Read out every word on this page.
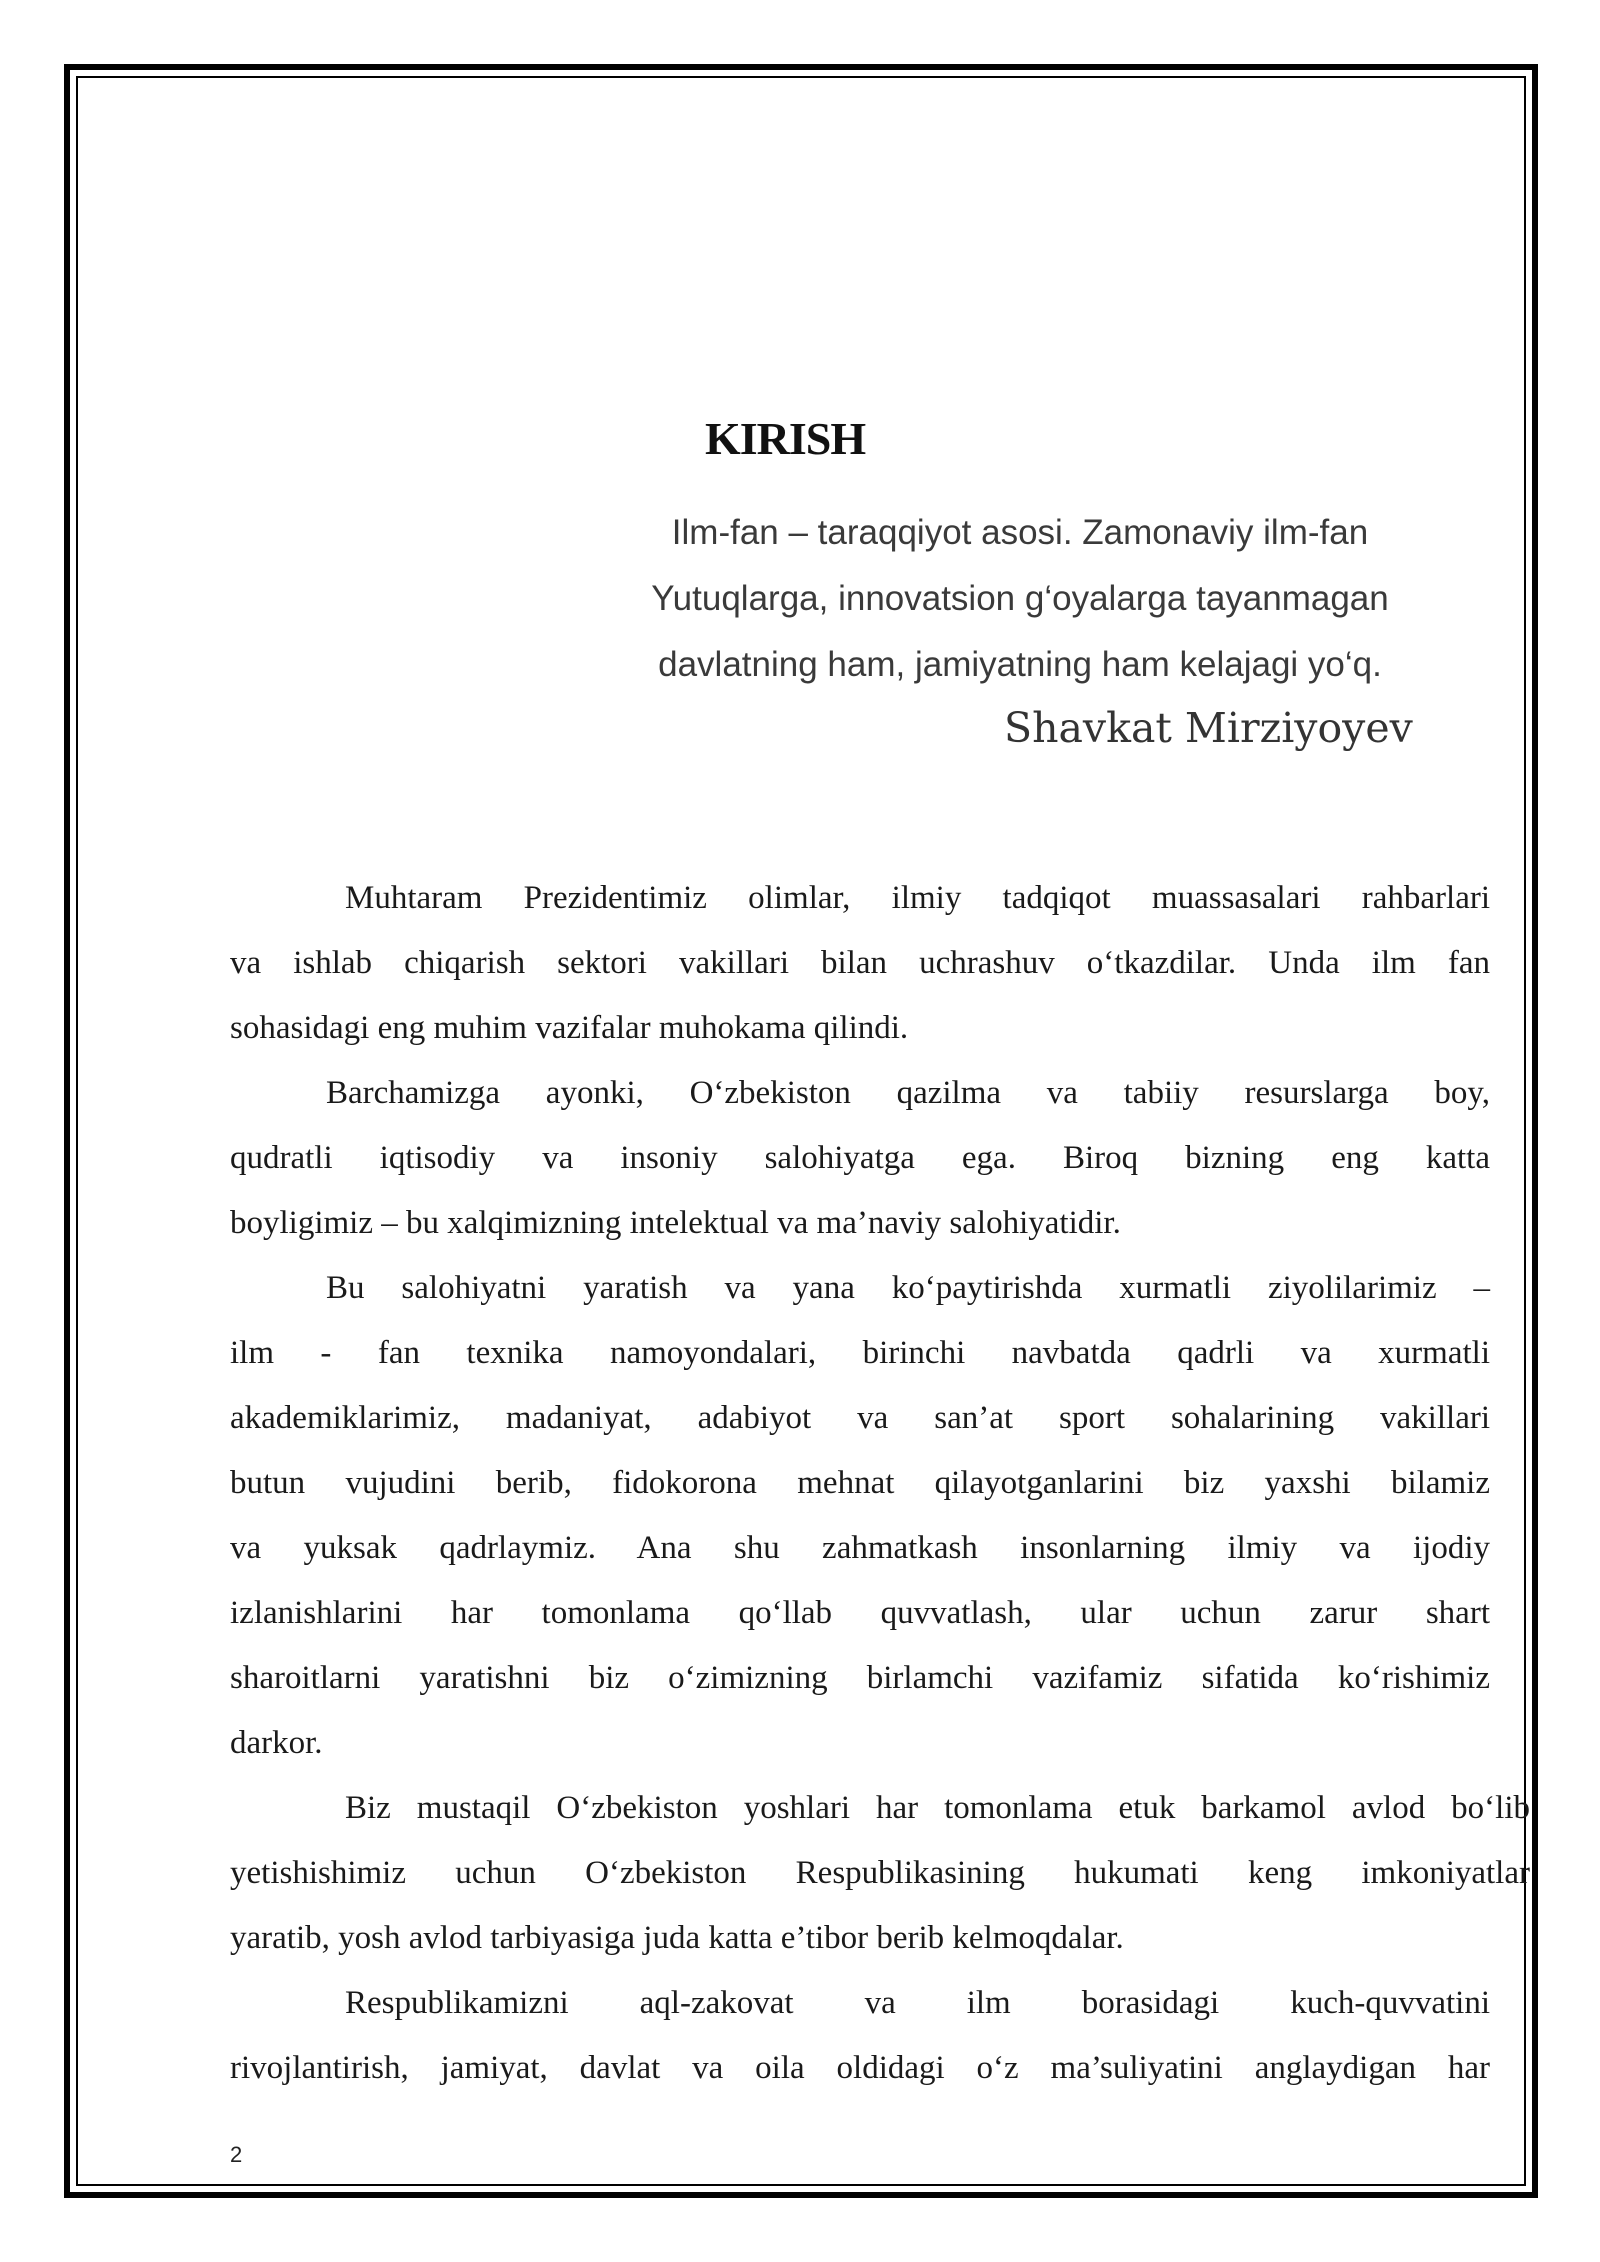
KIRISH
Ilm-fan – taraqqiyot asosi. Zamonaviy ilm-fan
Yutuqlarga, innovatsion g‘oyalarga tayanmagan
davlatning ham, jamiyatning ham kelajagi yo‘q.
Shavkat Mirziyoyev
Muhtaram Prezidentimiz olimlar, ilmiy tadqiqot muassasalari rahbarlari
va ishlab chiqarish sektori vakillari bilan uchrashuv o‘tkazdilar. Unda ilm fan
sohasidagi eng muhim vazifalar muhokama qilindi.
Barchamizga ayonki, O‘zbekiston qazilma va tabiiy resurslarga boy,
qudratli iqtisodiy va insoniy salohiyatga ega. Biroq bizning eng katta
boyligimiz – bu xalqimizning intelektual va ma’naviy salohiyatidir.
Bu salohiyatni yaratish va yana ko‘paytirishda xurmatli ziyolilarimiz –
ilm - fan texnika namoyondalari, birinchi navbatda qadrli va xurmatli
akademiklarimiz, madaniyat, adabiyot va san’at sport sohalarining vakillari
butun vujudini berib, fidokorona mehnat qilayotganlarini biz yaxshi bilamiz
va yuksak qadrlaymiz. Ana shu zahmatkash insonlarning ilmiy va ijodiy
izlanishlarini har tomonlama qo‘llab quvvatlash, ular uchun zarur shart
sharoitlarni yaratishni biz o‘zimizning birlamchi vazifamiz sifatida ko‘rishimiz
darkor.
Biz mustaqil O‘zbekiston yoshlari har tomonlama etuk barkamol avlod bo‘lib
yetishishimiz uchun O‘zbekiston Respublikasining hukumati keng imkoniyatlar
yaratib, yosh avlod tarbiyasiga juda katta e’tibor berib kelmoqdalar.
Respublikamizni aql-zakovat va ilm borasidagi kuch-quvvatini
rivojlantirish, jamiyat, davlat va oila oldidagi o‘z ma’suliyatini anglaydigan har
2
